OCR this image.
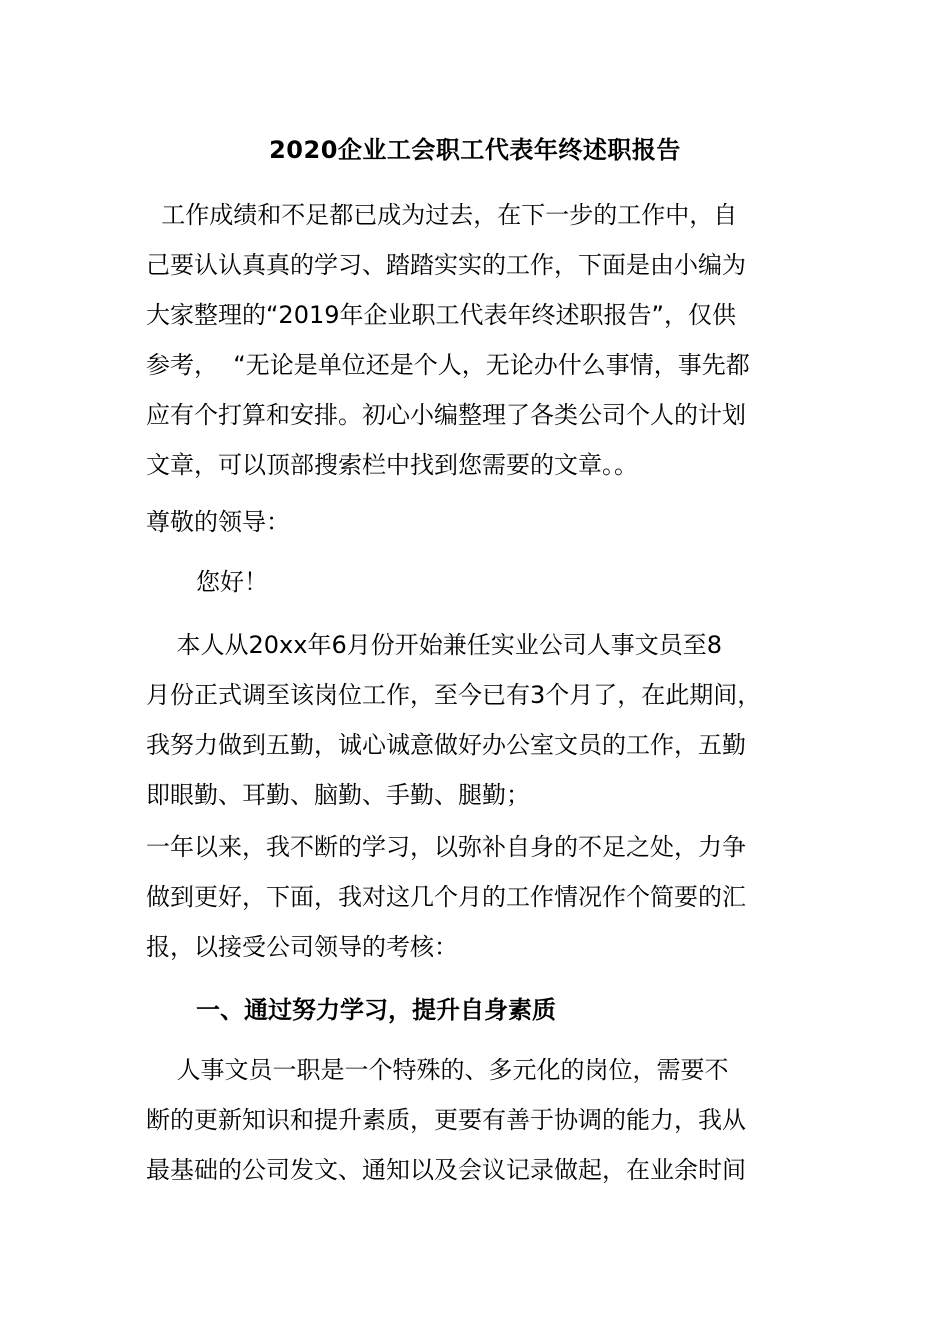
2020企业工会职工代表年终述职报告
工作成绩和不足都已成为过去，在下一步的工作中，自
己要认认真真的学习、踏踏实实的工作，下面是由小编为
大家整理的“2019年企业职工代表年终述职报告”，仅供
参考，  “无论是单位还是个人，无论办什么事情，事先都
应有个打算和安排。初心小编整理了各类公司个人的计划
文章，可以顶部搜索栏中找到您需要的文章。。
尊敬的领导：
您好！
本人从20xx年6月份开始兼任实业公司人事文员至8
月份正式调至该岗位工作，至今已有3个月了，在此期间，
我努力做到五勤，诚心诚意做好办公室文员的工作，五勤
即眼勤、耳勤、脑勤、手勤、腿勤；
一年以来，我不断的学习，以弥补自身的不足之处，力争
做到更好，下面，我对这几个月的工作情况作个简要的汇
报，以接受公司领导的考核：
一、通过努力学习，提升自身素质
人事文员一职是一个特殊的、多元化的岗位，需要不
断的更新知识和提升素质，更要有善于协调的能力，我从
最基础的公司发文、通知以及会议记录做起，在业余时间
